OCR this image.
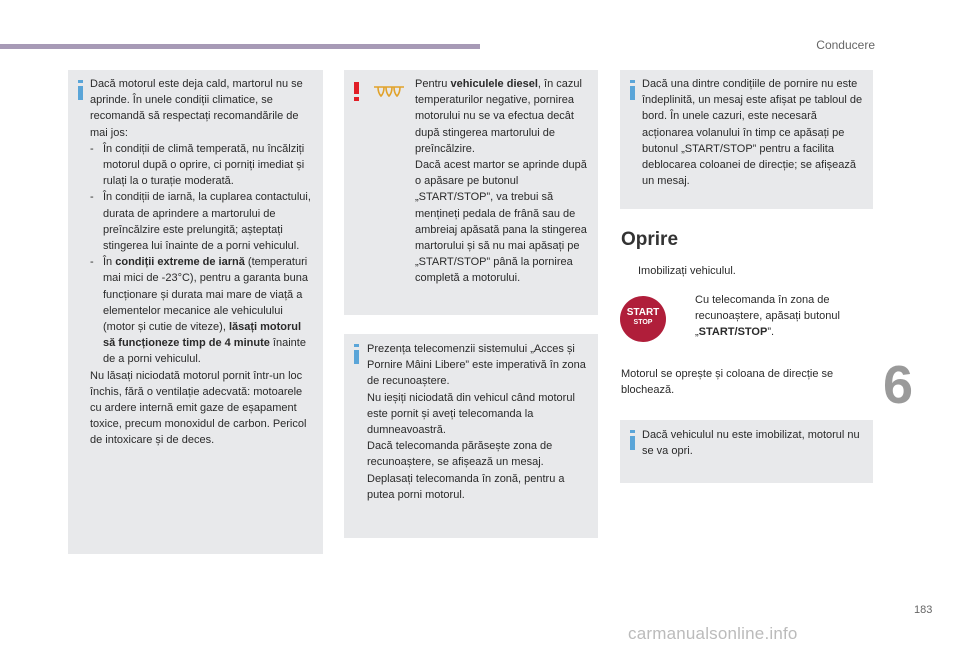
Conducere

Dacă motorul este deja cald, martorul nu se aprinde. În unele condiții climatice, se recomandă să respectați recomandările de mai jos:

- În condiții de climă temperată, nu încălziți motorul după o oprire, ci porniți imediat și rulați la o turație moderată.
- În condiții de iarnă, la cuplarea contactului, durata de aprindere a martorului de preîncălzire este prelungită; așteptați stingerea lui înainte de a porni vehiculul.
- În condiții extreme de iarnă (temperaturi mai mici de -23°C), pentru a garanta buna funcționare și durata mai mare de viață a elementelor mecanice ale vehiculului (motor și cutie de viteze), lăsați motorul să funcționeze timp de 4 minute înainte de a porni vehiculul.

Nu lăsați niciodată motorul pornit într-un loc închis, fără o ventilație adecvată: motoarele cu ardere internă emit gaze de eșapament toxice, precum monoxidul de carbon. Pericol de intoxicare și de deces.

Pentru vehiculele diesel, în cazul temperaturilor negative, pornirea motorului nu se va efectua decât după stingerea martorului de preîncălzire.

Dacă acest martor se aprinde după o apăsare pe butonul „START/STOP”, va trebui să mențineți pedala de frână sau de ambreiaj apăsată pana la stingerea martorului și să nu mai apăsați pe „START/STOP” până la pornirea completă a motorului.

Prezența telecomenzii sistemului „Acces și Pornire Mâini Libere” este imperativă în zona de recunoaștere.

Nu ieșiți niciodată din vehicul când motorul este pornit și aveți telecomanda la dumneavoastră.

Dacă telecomanda părăsește zona de recunoaștere, se afișează un mesaj.

Deplasați telecomanda în zonă, pentru a putea porni motorul.

Dacă una dintre condițiile de pornire nu este îndeplinită, un mesaj este afișat pe tabloul de bord. În unele cazuri, este necesară acționarea volanului în timp ce apăsați pe butonul „START/STOP” pentru a facilita deblocarea coloanei de direcție; se afișează un mesaj.

Oprire
Imobilizați vehiculul.
START
STOP
Cu telecomanda în zona de recunoaștere, apăsați butonul „START/STOP”.
Motorul se oprește și coloana de direcție se blochează.
Dacă vehiculul nu este imobilizat, motorul nu se va opri.
6
183
carmanualsonline.info
